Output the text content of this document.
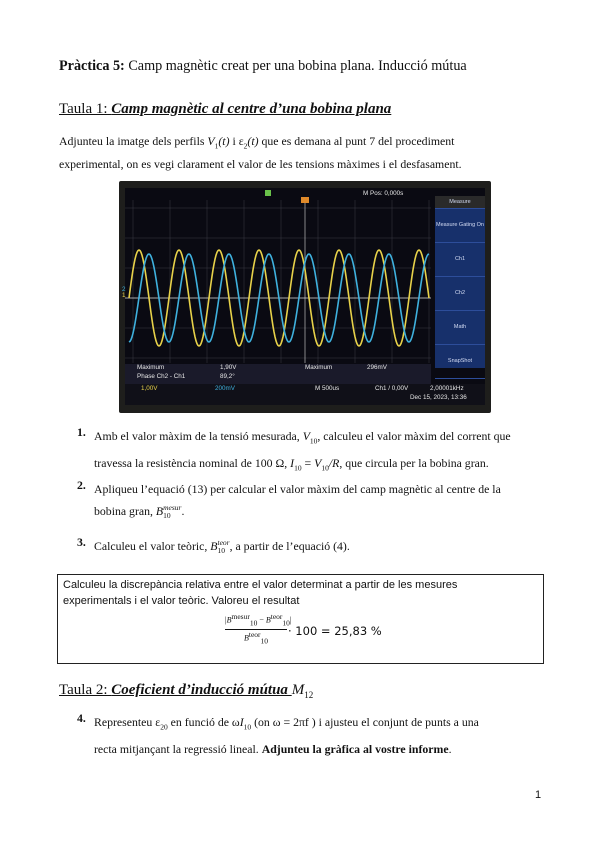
Pràctica 5: Camp magnètic creat per una bobina plana. Inducció mútua
Taula 1: Camp magnètic al centre d’una bobina plana
Adjunteu la imatge dels perfils $V_1(t)$ i $\varepsilon_2(t)$ que es demana al punt 7 del procediment
experimental, on es vegi clarament el valor de les tensions màximes i el desfasament.
M Pos: 0,000s
1
2
Measure
Measure Gating On
Ch1
Ch2
Math
SnapShot
Maximum	1,90V
Phase Ch2 - Ch1	89,2°
Maximum	296mV
1,00V	200mV	M 500us	Ch1 / 0,00V	2,00001kHz
Dec 15, 2023, 13:36
1. Amb el valor màxim de la tensió mesurada, $V_{10}$, calculeu el valor màxim del corrent que
travessa la resistència nominal de 100 Ω, $I_{10} = V_{10}/R$, que circula per la bobina gran.
2. Apliqueu l’equació (13) per calcular el valor màxim del camp magnètic al centre de la
bobina gran, B mesur
10 .
3. Calculeu el valor teòric, B teor
10 , a partir de l’equació (4).
Calculeu la discrepància relativa entre el valor determinat a partir de les mesures
experimentals i el valor teòric. Valoreu el resultat
$|B^{mesur}_{10} - B^{teor}_{10}|$
$B^{teor}_{10}$
· 100 = 25,83 %
Taula 2: Coeficient d’inducció mútua $M_{12}$
4. Representeu $\varepsilon_{20}$ en funció de $\omega I_{10}$ (on ω = 2πf ) i ajusteu el conjunt de punts a una
recta mitjançant la regressió lineal. Adjunteu la gràfica al vostre informe.
1
